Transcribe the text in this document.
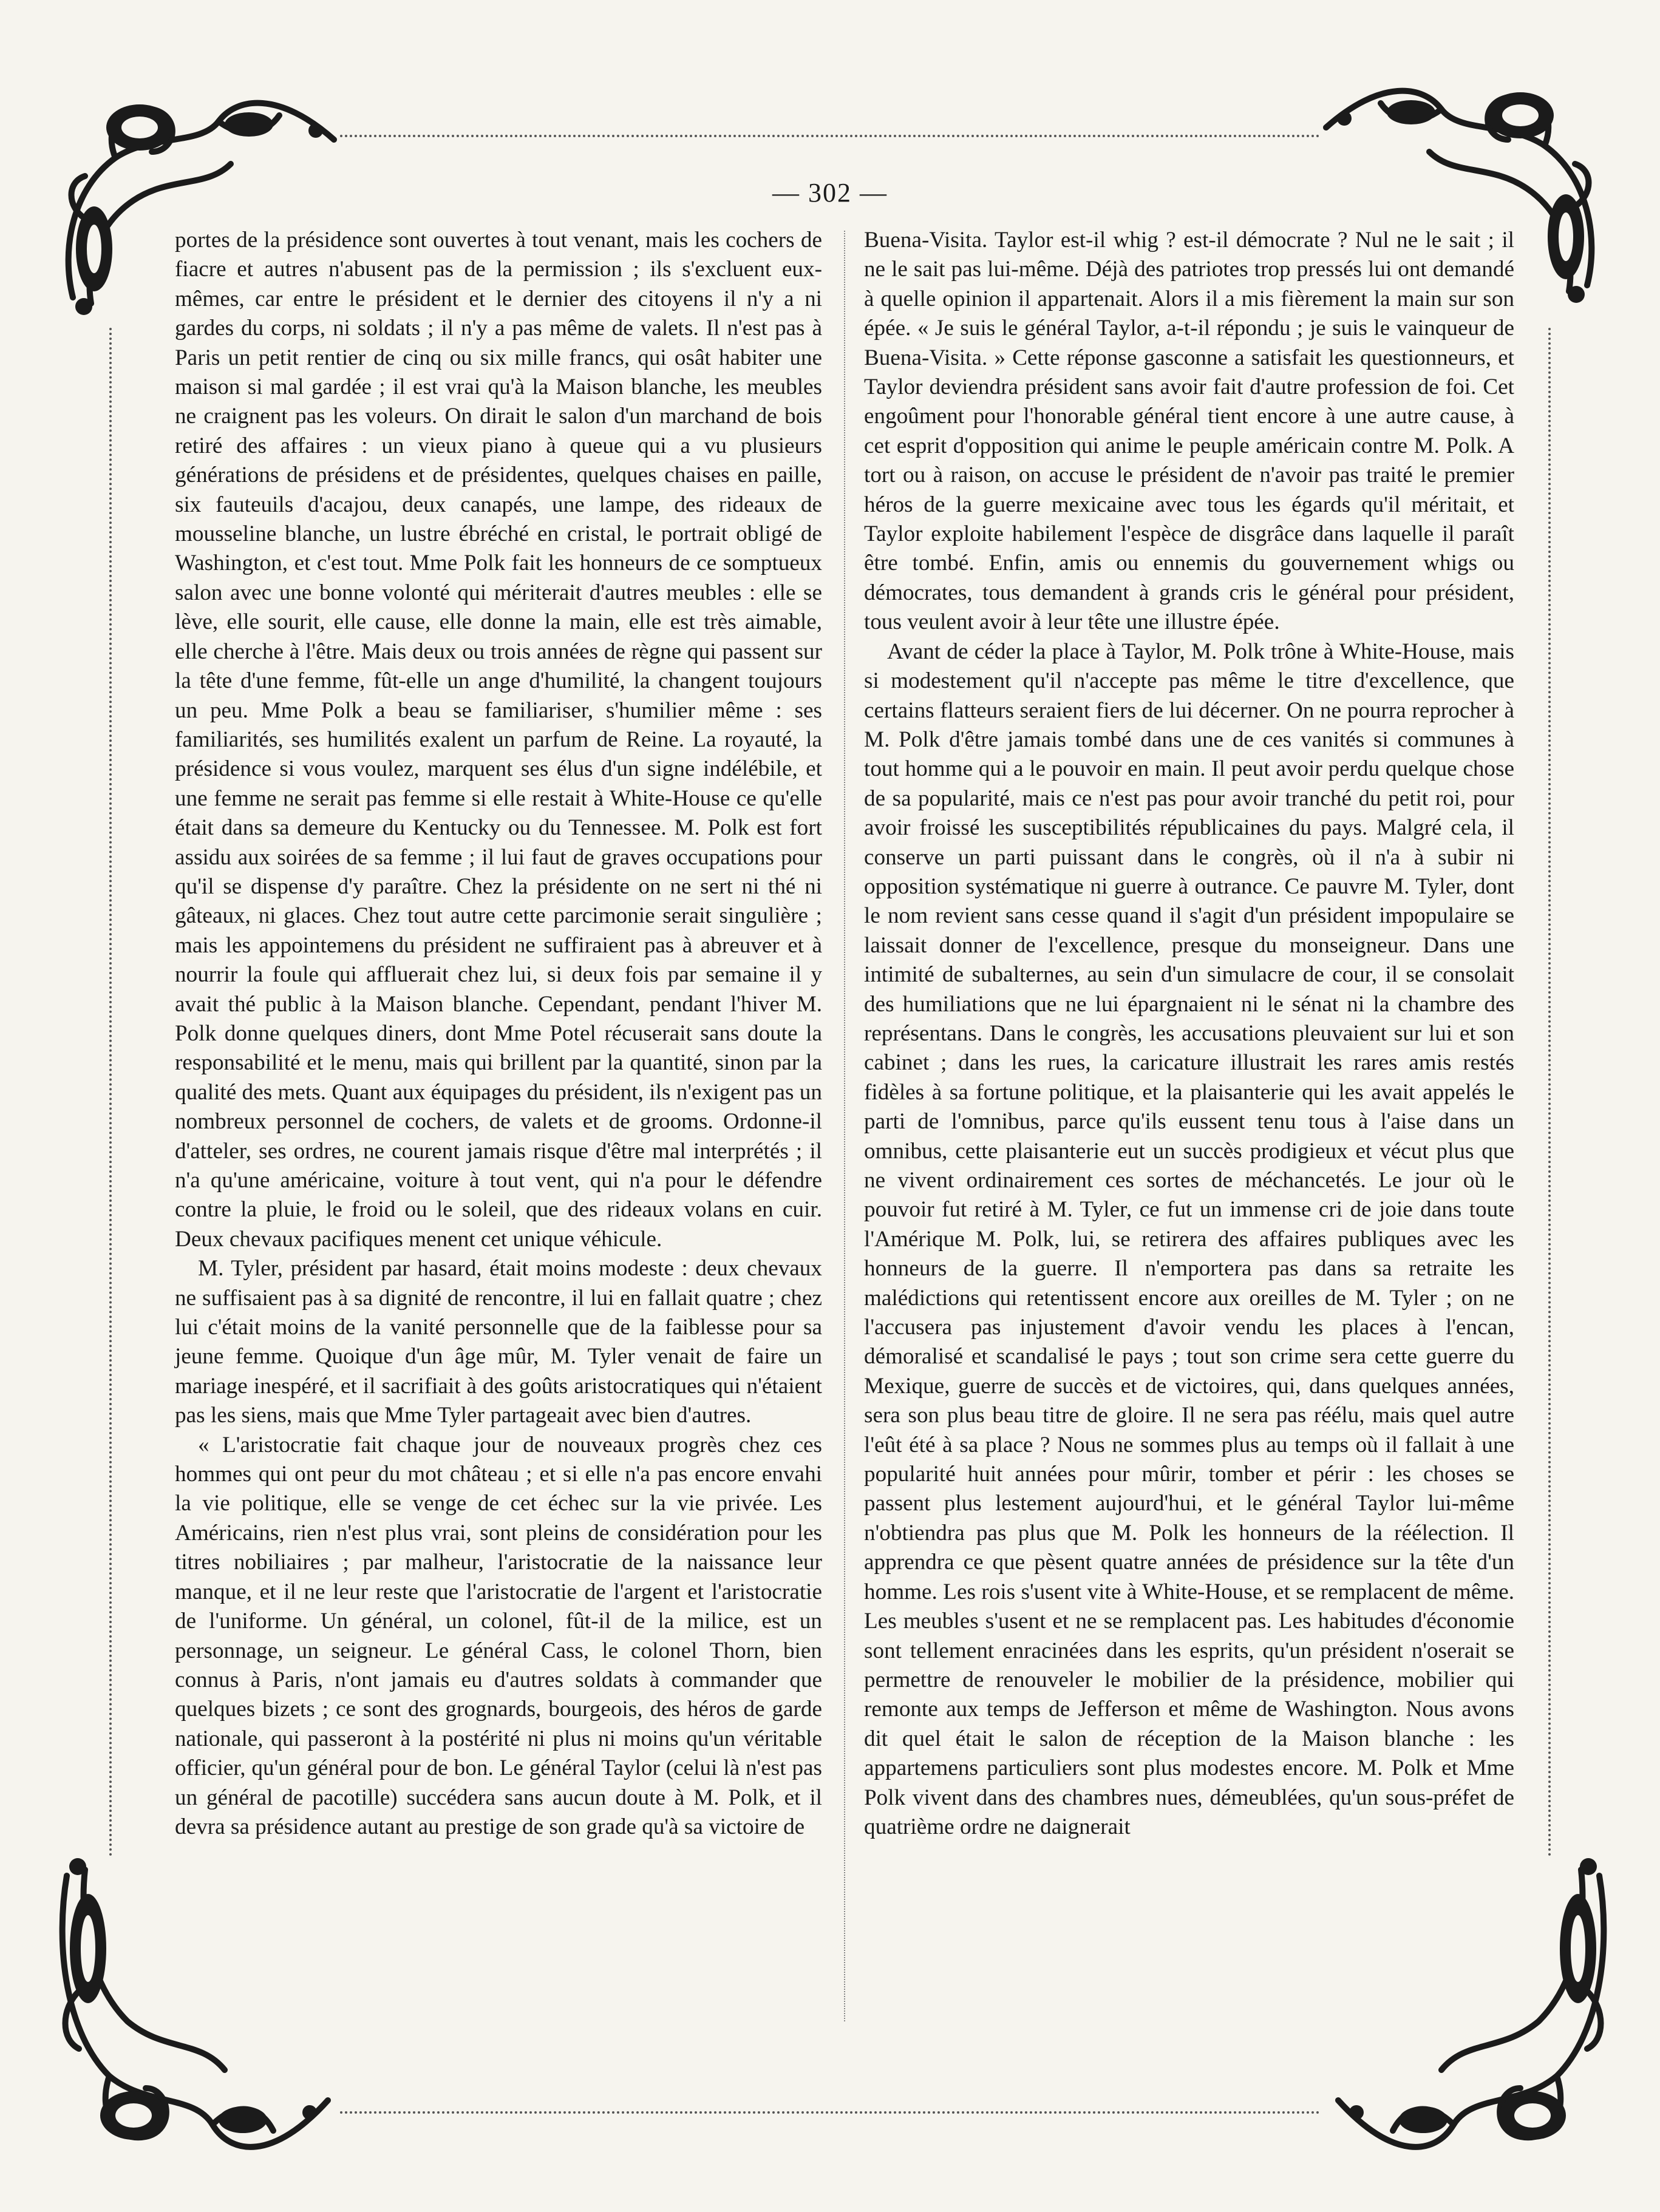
— 302 —

portes de la présidence sont ouvertes à tout venant, mais les cochers de fiacre et autres n'abusent pas de la permission ; ils s'excluent eux-mêmes, car entre le président et le dernier des citoyens il n'y a ni gardes du corps, ni soldats ; il n'y a pas même de valets. Il n'est pas à Paris un petit rentier de cinq ou six mille francs, qui osât habiter une maison si mal gardée ; il est vrai qu'à la Maison blanche, les meubles ne craignent pas les voleurs. On dirait le salon d'un marchand de bois retiré des affaires : un vieux piano à queue qui a vu plusieurs générations de présidens et de présidentes, quelques chaises en paille, six fauteuils d'acajou, deux canapés, une lampe, des rideaux de mousseline blanche, un lustre ébréché en cristal, le portrait obligé de Washington, et c'est tout. Mme Polk fait les honneurs de ce somptueux salon avec une bonne volonté qui mériterait d'autres meubles : elle se lève, elle sourit, elle cause, elle donne la main, elle est très aimable, elle cherche à l'être. Mais deux ou trois années de règne qui passent sur la tête d'une femme, fût-elle un ange d'humilité, la changent toujours un peu. Mme Polk a beau se familiariser, s'humilier même : ses familiarités, ses humilités exalent un parfum de Reine. La royauté, la présidence si vous voulez, marquent ses élus d'un signe indélébile, et une femme ne serait pas femme si elle restait à White-House ce qu'elle était dans sa demeure du Kentucky ou du Tennessee. M. Polk est fort assidu aux soirées de sa femme ; il lui faut de graves occupations pour qu'il se dispense d'y paraître. Chez la présidente on ne sert ni thé ni gâteaux, ni glaces. Chez tout autre cette parcimonie serait singulière ; mais les appointemens du président ne suffiraient pas à abreuver et à nourrir la foule qui affluerait chez lui, si deux fois par semaine il y avait thé public à la Maison blanche. Cependant, pendant l'hiver M. Polk donne quelques diners, dont Mme Potel récuserait sans doute la responsabilité et le menu, mais qui brillent par la quantité, sinon par la qualité des mets. Quant aux équipages du président, ils n'exigent pas un nombreux personnel de cochers, de valets et de grooms. Ordonne-il d'atteler, ses ordres, ne courent jamais risque d'être mal interprétés ; il n'a qu'une américaine, voiture à tout vent, qui n'a pour le défendre contre la pluie, le froid ou le soleil, que des rideaux volans en cuir. Deux chevaux pacifiques menent cet unique véhicule.

M. Tyler, président par hasard, était moins modeste : deux chevaux ne suffisaient pas à sa dignité de rencontre, il lui en fallait quatre ; chez lui c'était moins de la vanité personnelle que de la faiblesse pour sa jeune femme. Quoique d'un âge mûr, M. Tyler venait de faire un mariage inespéré, et il sacrifiait à des goûts aristocratiques qui n'étaient pas les siens, mais que Mme Tyler partageait avec bien d'autres.

« L'aristocratie fait chaque jour de nouveaux progrès chez ces hommes qui ont peur du mot château ; et si elle n'a pas encore envahi la vie politique, elle se venge de cet échec sur la vie privée. Les Américains, rien n'est plus vrai, sont pleins de considération pour les titres nobiliaires ; par malheur, l'aristocratie de la naissance leur manque, et il ne leur reste que l'aristocratie de l'argent et l'aristocratie de l'uniforme. Un général, un colonel, fût-il de la milice, est un personnage, un seigneur. Le général Cass, le colonel Thorn, bien connus à Paris, n'ont jamais eu d'autres soldats à commander que quelques bizets ; ce sont des grognards, bourgeois, des héros de garde nationale, qui passeront à la postérité ni plus ni moins qu'un véritable officier, qu'un général pour de bon. Le général Taylor (celui là n'est pas un général de pacotille) succédera sans aucun doute à M. Polk, et il devra sa présidence autant au prestige de son grade qu'à sa victoire de

Buena-Visita. Taylor est-il whig ? est-il démocrate ? Nul ne le sait ; il ne le sait pas lui-même. Déjà des patriotes trop pressés lui ont demandé à quelle opinion il appartenait. Alors il a mis fièrement la main sur son épée. « Je suis le général Taylor, a-t-il répondu ; je suis le vainqueur de Buena-Visita. » Cette réponse gasconne a satisfait les questionneurs, et Taylor deviendra président sans avoir fait d'autre profession de foi. Cet engoûment pour l'honorable général tient encore à une autre cause, à cet esprit d'opposition qui anime le peuple américain contre M. Polk. A tort ou à raison, on accuse le président de n'avoir pas traité le premier héros de la guerre mexicaine avec tous les égards qu'il méritait, et Taylor exploite habilement l'espèce de disgrâce dans laquelle il paraît être tombé. Enfin, amis ou ennemis du gouvernement whigs ou démocrates, tous demandent à grands cris le général pour président, tous veulent avoir à leur tête une illustre épée.

Avant de céder la place à Taylor, M. Polk trône à White-House, mais si modestement qu'il n'accepte pas même le titre d'excellence, que certains flatteurs seraient fiers de lui décerner. On ne pourra reprocher à M. Polk d'être jamais tombé dans une de ces vanités si communes à tout homme qui a le pouvoir en main. Il peut avoir perdu quelque chose de sa popularité, mais ce n'est pas pour avoir tranché du petit roi, pour avoir froissé les susceptibilités républicaines du pays. Malgré cela, il conserve un parti puissant dans le congrès, où il n'a à subir ni opposition systématique ni guerre à outrance. Ce pauvre M. Tyler, dont le nom revient sans cesse quand il s'agit d'un président impopulaire se laissait donner de l'excellence, presque du monseigneur. Dans une intimité de subalternes, au sein d'un simulacre de cour, il se consolait des humiliations que ne lui épargnaient ni le sénat ni la chambre des représentans. Dans le congrès, les accusations pleuvaient sur lui et son cabinet ; dans les rues, la caricature illustrait les rares amis restés fidèles à sa fortune politique, et la plaisanterie qui les avait appelés le parti de l'omnibus, parce qu'ils eussent tenu tous à l'aise dans un omnibus, cette plaisanterie eut un succès prodigieux et vécut plus que ne vivent ordinairement ces sortes de méchancetés. Le jour où le pouvoir fut retiré à M. Tyler, ce fut un immense cri de joie dans toute l'Amérique M. Polk, lui, se retirera des affaires publiques avec les honneurs de la guerre. Il n'emportera pas dans sa retraite les malédictions qui retentissent encore aux oreilles de M. Tyler ; on ne l'accusera pas injustement d'avoir vendu les places à l'encan, démoralisé et scandalisé le pays ; tout son crime sera cette guerre du Mexique, guerre de succès et de victoires, qui, dans quelques années, sera son plus beau titre de gloire. Il ne sera pas réélu, mais quel autre l'eût été à sa place ? Nous ne sommes plus au temps où il fallait à une popularité huit années pour mûrir, tomber et périr : les choses se passent plus lestement aujourd'hui, et le général Taylor lui-même n'obtiendra pas plus que M. Polk les honneurs de la réélection. Il apprendra ce que pèsent quatre années de présidence sur la tête d'un homme. Les rois s'usent vite à White-House, et se remplacent de même. Les meubles s'usent et ne se remplacent pas. Les habitudes d'économie sont tellement enracinées dans les esprits, qu'un président n'oserait se permettre de renouveler le mobilier de la présidence, mobilier qui remonte aux temps de Jefferson et même de Washington. Nous avons dit quel était le salon de réception de la Maison blanche : les appartemens particuliers sont plus modestes encore. M. Polk et Mme Polk vivent dans des chambres nues, démeublées, qu'un sous-préfet de quatrième ordre ne daignerait
